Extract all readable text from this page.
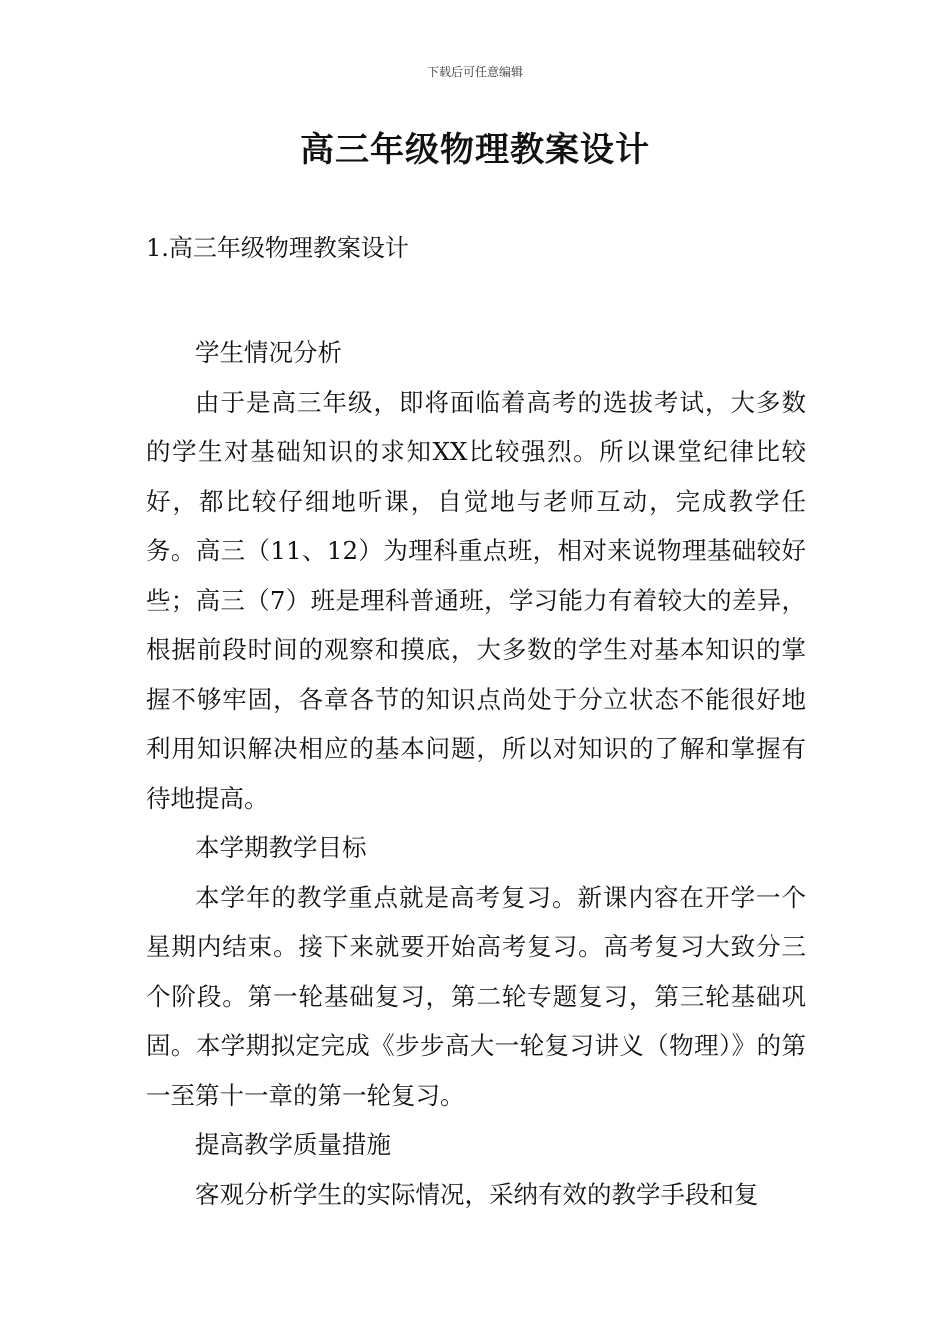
下载后可任意编辑
高三年级物理教案设计
1.高三年级物理教案设计

学生情况分析

由于是高三年级，即将面临着高考的选拔考试，大多数的学生对基础知识的求知XX比较强烈。所以课堂纪律比较好，都比较仔细地听课，自觉地与老师互动，完成教学任务。高三（11、12）为理科重点班，相对来说物理基础较好些；高三（7）班是理科普通班，学习能力有着较大的差异，根据前段时间的观察和摸底，大多数的学生对基本知识的掌握不够牢固，各章各节的知识点尚处于分立状态不能很好地利用知识解决相应的基本问题，所以对知识的了解和掌握有待地提高。

本学期教学目标

本学年的教学重点就是高考复习。新课内容在开学一个星期内结束。接下来就要开始高考复习。高考复习大致分三个阶段。第一轮基础复习，第二轮专题复习，第三轮基础巩固。本学期拟定完成《步步高大一轮复习讲义（物理）》的第一至第十一章的第一轮复习。

提高教学质量措施

客观分析学生的实际情况，采纳有效的教学手段和复
